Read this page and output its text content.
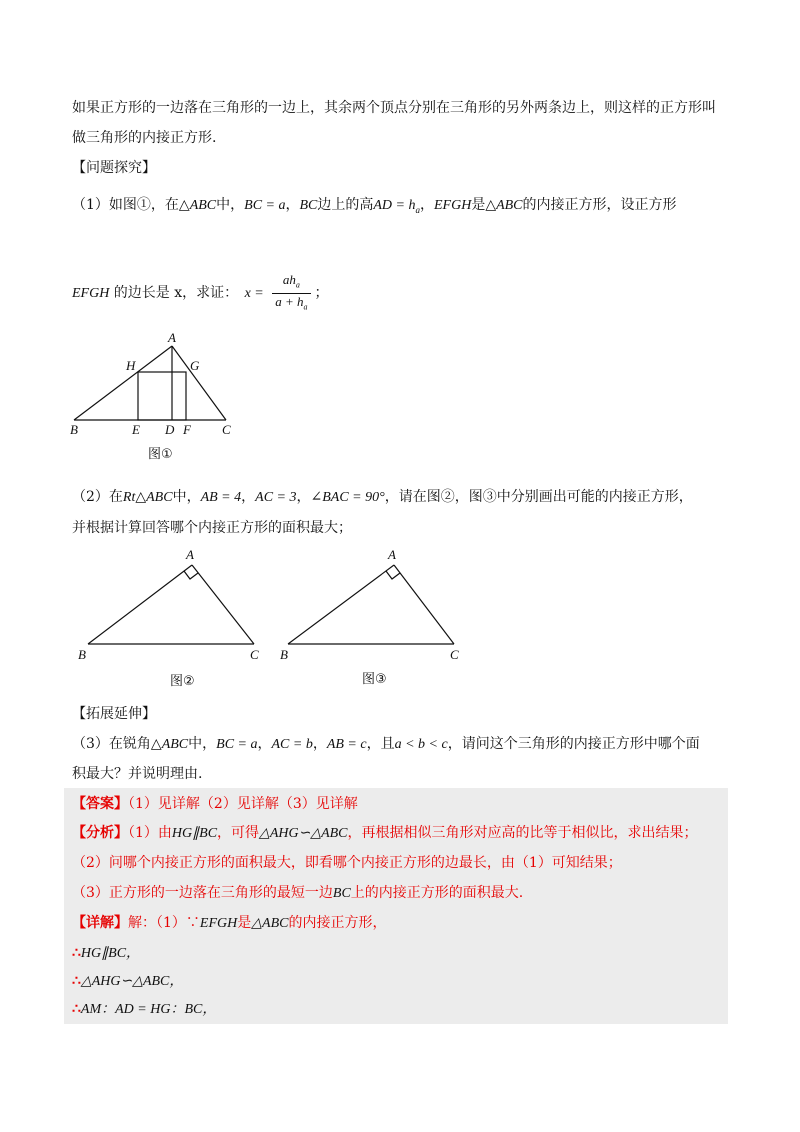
如果正方形的一边落在三角形的一边上，其余两个顶点分别在三角形的另外两条边上，则这样的正方形叫
做三角形的内接正方形.
【问题探究】
（1）如图①，在△ABC中，BC = a，BC边上的高AD = $h_a$，EFGH是△ABC的内接正方形，设正方形
EFGH 的边长是 x，求证： $x = \frac{ah_a}{a + h_a}$ ；
A
B	C
D
E	F
G
H
图①
（2）在Rt△ABC中，AB = 4，AC = 3，∠BAC = 90°，请在图②，图③中分别画出可能的内接正方形，
并根据计算回答哪个内接正方形的面积最大；
A
B	C
图②
A
B	C
图③
【拓展延伸】
（3）在锐角△ABC中，BC = a，AC = b，AB = c，且a < b < c，请问这个三角形的内接正方形中哪个面
积最大？并说明理由.
【答案】（1）见详解（2）见详解（3）见详解
【分析】（1）由HG∥BC，可得△AHG∽△ABC，再根据相似三角形对应高的比等于相似比，求出结果；
（2）问哪个内接正方形的面积最大，即看哪个内接正方形的边最长，由（1）可知结果；
（3）正方形的一边落在三角形的最短一边BC上的内接正方形的面积最大.
【详解】解：（1）∵EFGH是△ABC的内接正方形，
∴HG∥BC，
∴△AHG∽△ABC，
∴AM：AD = HG：BC，
